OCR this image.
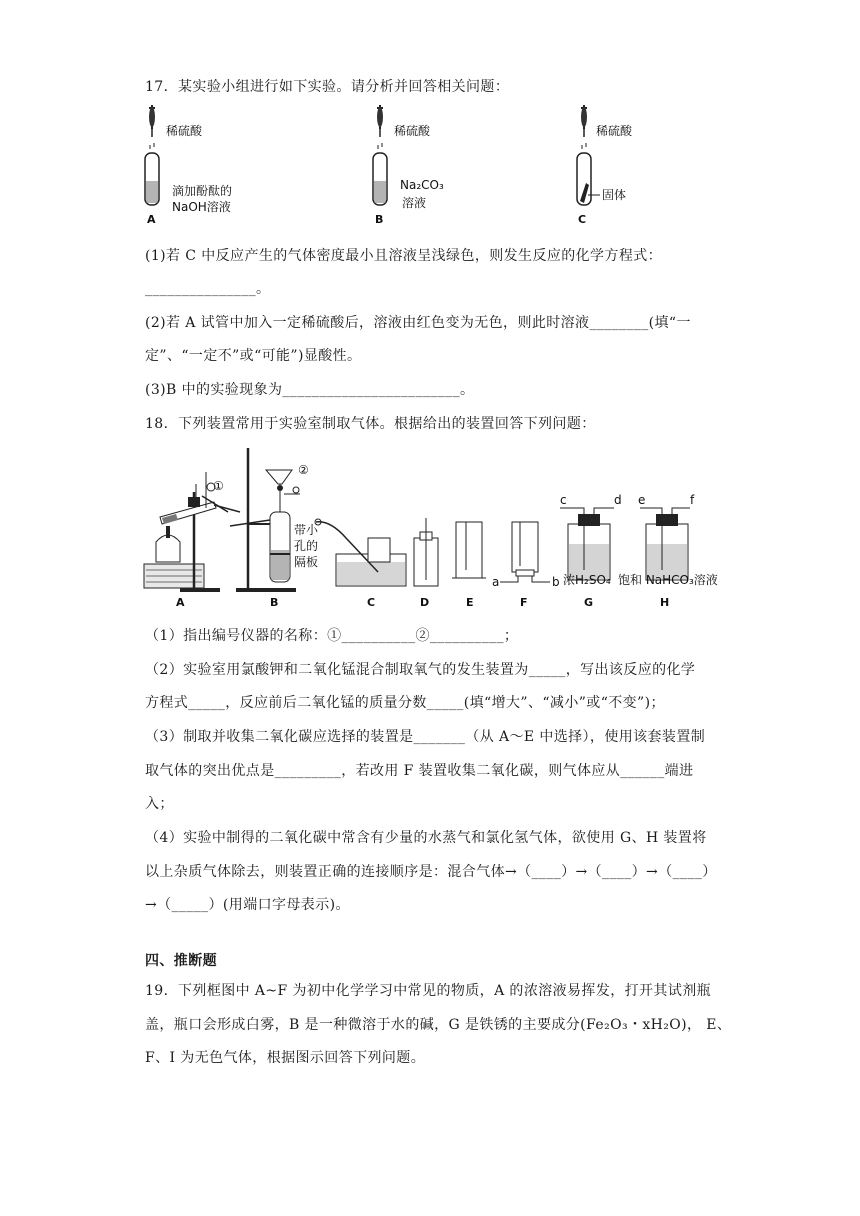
17．某实验小组进行如下实验。请分析并回答相关问题：
稀硫酸
滴加酚酞的
NaOH溶液
A
稀硫酸
Na₂CO₃
溶液
B
稀硫酸
固体
C
(1)若 C 中反应产生的气体密度最小且溶液呈浅绿色，则发生反应的化学方程式：
_______________。
(2)若 A 试管中加入一定稀硫酸后，溶液由红色变为无色，则此时溶液________(填“一
定”、“一定不”或“可能”)显酸性。
(3)B 中的实验现象为________________________。
18．下列装置常用于实验室制取气体。根据给出的装置回答下列问题：
①
A
②
带小
孔的
隔板
B	C	D	E
a	b
F
c	d
浓H₂SO₄
G
e	f
饱和 NaHCO₃溶液
H
（1）指出编号仪器的名称：①__________②__________；
（2）实验室用氯酸钾和二氧化锰混合制取氧气的发生装置为_____，写出该反应的化学
方程式_____，反应前后二氧化锰的质量分数_____(填“增大”、“减小”或“不变”)；
（3）制取并收集二氧化碳应选择的装置是_______（从 A～E 中选择），使用该套装置制
取气体的突出优点是_________，若改用 F 装置收集二氧化碳，则气体应从______端进
入；
（4）实验中制得的二氧化碳中常含有少量的水蒸气和氯化氢气体，欲使用 G、H 装置将
以上杂质气体除去，则装置正确的连接顺序是：混合气体→（____）→（____）→（____）
→（_____）(用端口字母表示)。
四、推断题
19．下列框图中 A~F 为初中化学学习中常见的物质，A 的浓溶液易挥发，打开其试剂瓶
盖，瓶口会形成白雾，B 是一种微溶于水的碱，G 是铁锈的主要成分(Fe₂O₃・xH₂O)， E、
F、I 为无色气体，根据图示回答下列问题。
